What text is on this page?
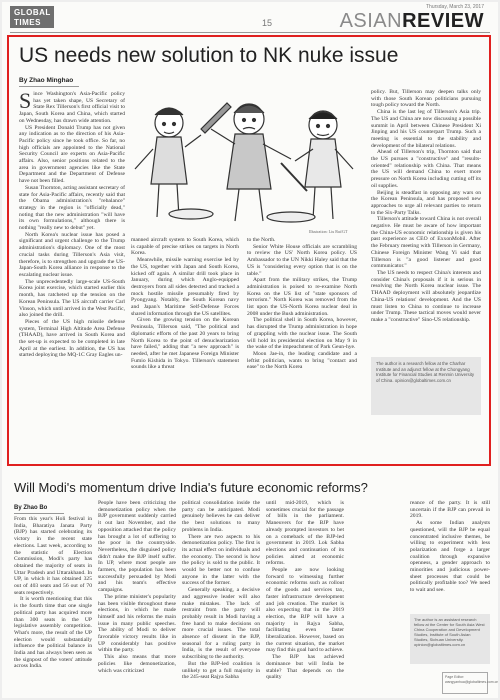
GLOBAL TIMES
Thursday, March 23, 2017
15	ASIANREVIEW
US needs new solution to NK nuke issue
By Zhao Minghao
S ince Washington's Asia-Pacific policy has yet taken shape, US Secretary of State Rex Tillerson's first official visit to Japan, South Korea and China, which started on Wednesday, has drawn wide attention.

US President Donald Trump has not given any indication as to the direction of his Asia-Pacific policy since he took office. So far, no high officials are appointed to the National Security Council are experts on Asia-Pacific affairs. Also, senior positions related to the area in government agencies like the State Department and the Department of Defense have not been filled.

Susan Thornton, acting assistant secretary of state for Asia-Pacific affairs, recently said that the Obama administration's "rebalance" strategy in the region is "officially dead," noting that the new administration "will have its own formulations," although there is nothing "really new to debut" yet.

North Korea's nuclear issue has posed a significant and urgent challenge to the Trump administration's diplomacy. One of the most crucial tasks during Tillerson's Asia visit, therefore, is to strengthen and upgrade the US-Japan-South Korea alliance in response to the escalating nuclear issue.

The unprecedentedly large-scale US-South Korea joint exercise, which started earlier this month, has ratcheted up the tension on the Korean Peninsula. The US aircraft carrier Carl Vinson, which until arrived in the West Pacific, also joined the drill.

Pieces of the US high missile defense system, Terminal High Altitude Area Defense (THAAD), have arrived in South Korea and the set-up is expected to be completed in late April at the earliest. In addition, the US has started deploying the MQ-1C Gray Eagles un-

Illustration: Liu Rui/GT

manned aircraft system to South Korea, which is capable of precise strikes on targets in North Korea.

Meanwhile, missile warning exercise led by the US, together with Japan and South Korea, kicked off again. A similar drill took place in January, during which Anglo-equipped destroyers from all sides detected and tracked a mock hostile missile presumably fired by Pyongyang. Notably, the South Korean navy and Japan's Maritime Self-Defense Forces shared information through the US satellites.

Given the growing tension on the Korean Peninsula, Tillerson said, "The political and diplomatic efforts of the past 20 years to bring North Korea to the point of denuclearization have failed," adding that "a new approach" is needed, after he met Japanese Foreign Minister Fumio Kishida in Tokyo. Tillerson's statement sounds like a threat

to the North.

Senior White House officials are scrambling to review the US' North Korea policy. US Ambassador to the UN Nikki Haley said that the US is "considering every option that is on the table."

Apart from the military strikes, the Trump administration is poised to re-examine North Korea on the US list of "state sponsors of terrorism." North Korea was removed from the list upon the US-North Korea nuclear deal in 2008 under the Bush administration.

The political shell in South Korea, however, has disrupted the Trump administration in hope of grappling with the nuclear issue. The South will hold its presidential election on May 9 in the wake of the impeachment of Park Geun-hye.

Moon Jae-in, the leading candidate and a leftist politician, wants to bring "contact and ease" to the North Korea

policy. But, Tillerson may deepen talks only with those South Korean politicians pursuing tough policy toward the North.

China is the last leg of Tillerson's Asia trip. The US and China are now discussing a possible summit in April between Chinese President Xi Jinping and his US counterpart Trump. Such a meeting is essential to the stability and development of the bilateral relations.

Ahead of Tillerson's trip, Thornton said that the US pursues a "constructive" and "results-oriented" relationship with China. That means the US will demand China to exert more pressure on North Korea including cutting off its oil supplies.

Beijing is steadfast in opposing any wars on the Korean Peninsula, and has proposed new approaches to urge all relevant parties to return to the Six-Party Talks.

Tillerson's attitude toward China is not overall negative. He must be aware of how important the China-US economic relationship is given his past experience as CEO of ExxonMobil. After the February meeting with Tillerson in Germany, Chinese Foreign Minister Wang Yi said that Tillerson is "a good listener and good communicator."

The US needs to respect China's interests and consider China's proposals if it is serious in resolving the North Korea nuclear issue. The THAAD deployment will absolutely jeopardize China-US relations' development. And the US must listen to China to continue to increase under Trump. These tactical moves would never make a "constructive" Sino-US relationship.

The author is a research fellow at the Charhar Institute and an adjunct fellow at the Chongyang Institute for Financial Studies at Renmin University of China. opinion@globaltimes.com.cn
Will Modi's momentum drive India's future economic reforms?
By Zhao Bo

From this year's Holi festival in India, Bharatiya Janata Party (BJP) has started celebrating its victory in the recent state elections. Last week, according to the statistic of Election Commission, Modi's party has obtained the majority of seats in Uttar Pradesh and Uttarakhand. In UP, in which it has obtained 325 out of 403 seats and 56 out of 70 seats respectively.

It is worth mentioning that this is the fourth time that one single political party has acquired more than 300 seats in the UP legislative assembly competition. What's more, the result of the UP election would substantially influence the political balance in India and has always been seen as the signpost of the voters' attitude across India.

People have been criticizing the demonetization policy when the BJP government suddenly carried it out last November, and the opposition attacked that the policy has brought a lot of suffering to the poor in the countryside. Nevertheless, the disguised policy didn't make the BJP itself suffer. In UP, where most people are farmers, the population has been successfully persuaded by Modi and his team's effective campaigns.

The prime minister's popularity has been visible throughout these elections, in which he made himself and his reforms the main issue in many public speeches. The ability of Modi to deliver favorable victory results like in UP considerably has positive within the party.

This also means that more policies like demonetization, which was criticized

political consolidation inside the party can be anticipated. Modi genuinely believes he can deliver the best solutions to many problems in India.

There are two aspects to his demonetization policy. The first is its actual effect on individuals and the economy. The second is how the policy is sold to the public. It would be better not to confuse anyone in the latter with the success of the former.

Generally speaking, a decisive and aggressive leader will also make mistakes. The lack of restraint from the party will probably result in Modi having a free hand to make decisions on more crucial issues. The total absence of dissent in the BJP, seasonal for a ruling party in India, is the result of everyone subscribing to the authority.

But the BJP-led coalition is unlikely to get a full majority in the 245-seat Rajya Sabha

until mid-2019, which is sometimes crucial for the passage of bills in the parliament. Maneuvers for the BJP have already prompted investors to bet on a comeback of the BJP-led government in 2019. Lok Sabha elections and continuation of its policies aimed at economic reforms.

People are now looking forward to witnessing further economic reforms such as rollout of the goods and services tax, faster infrastructure development and job creation. The market is also expecting that in the 2019 election, the BJP will have a majority in Rajya Sabha, facilitating even faster liberalization. However, based on the current situation, the market may find this goal hard to achieve.

The BJP has achieved dominance but will India be stable? That depends on the quality

reance of the party. It is still uncertain if the BJP can prevail in 2019.

As some Indian analysts questioned, will the BJP be equal concentrated inclusive themes, be willing to experiment with less polarization and forge a larger coalition through expansive openness, a gender approach to minorities and judicious power-sheet processes that could be politically profitable too? We need to wait and see.

The author is an assistant research fellow at the Center for South Asia West China Cooperation and Development Studies, Institute of South Asian Studies, Sichuan University. opinion@globaltimes.com.cn
Page Editor: wangyanhua@globaltimes.com.cn
